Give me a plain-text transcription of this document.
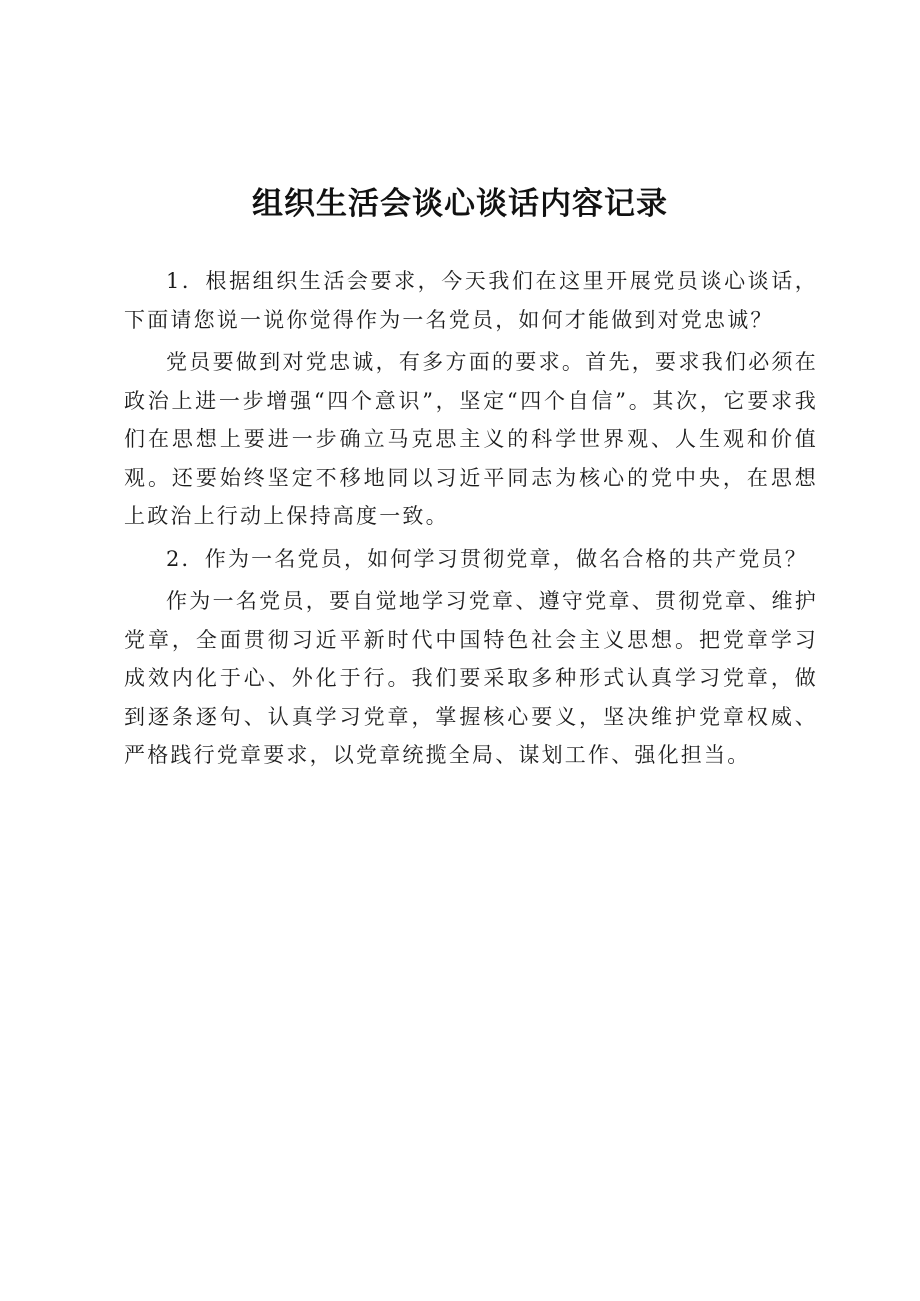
组织生活会谈心谈话内容记录

1．根据组织生活会要求，今天我们在这里开展党员谈心谈话，下面请您说一说你觉得作为一名党员，如何才能做到对党忠诚？

党员要做到对党忠诚，有多方面的要求。首先，要求我们必须在政治上进一步增强“四个意识”，坚定“四个自信”。其次，它要求我们在思想上要进一步确立马克思主义的科学世界观、人生观和价值观。还要始终坚定不移地同以习近平同志为核心的党中央，在思想上政治上行动上保持高度一致。

2．作为一名党员，如何学习贯彻党章，做名合格的共产党员？

作为一名党员，要自觉地学习党章、遵守党章、贯彻党章、维护党章，全面贯彻习近平新时代中国特色社会主义思想。把党章学习成效内化于心、外化于行。我们要采取多种形式认真学习党章，做到逐条逐句、认真学习党章，掌握核心要义，坚决维护党章权威、严格践行党章要求，以党章统揽全局、谋划工作、强化担当。
